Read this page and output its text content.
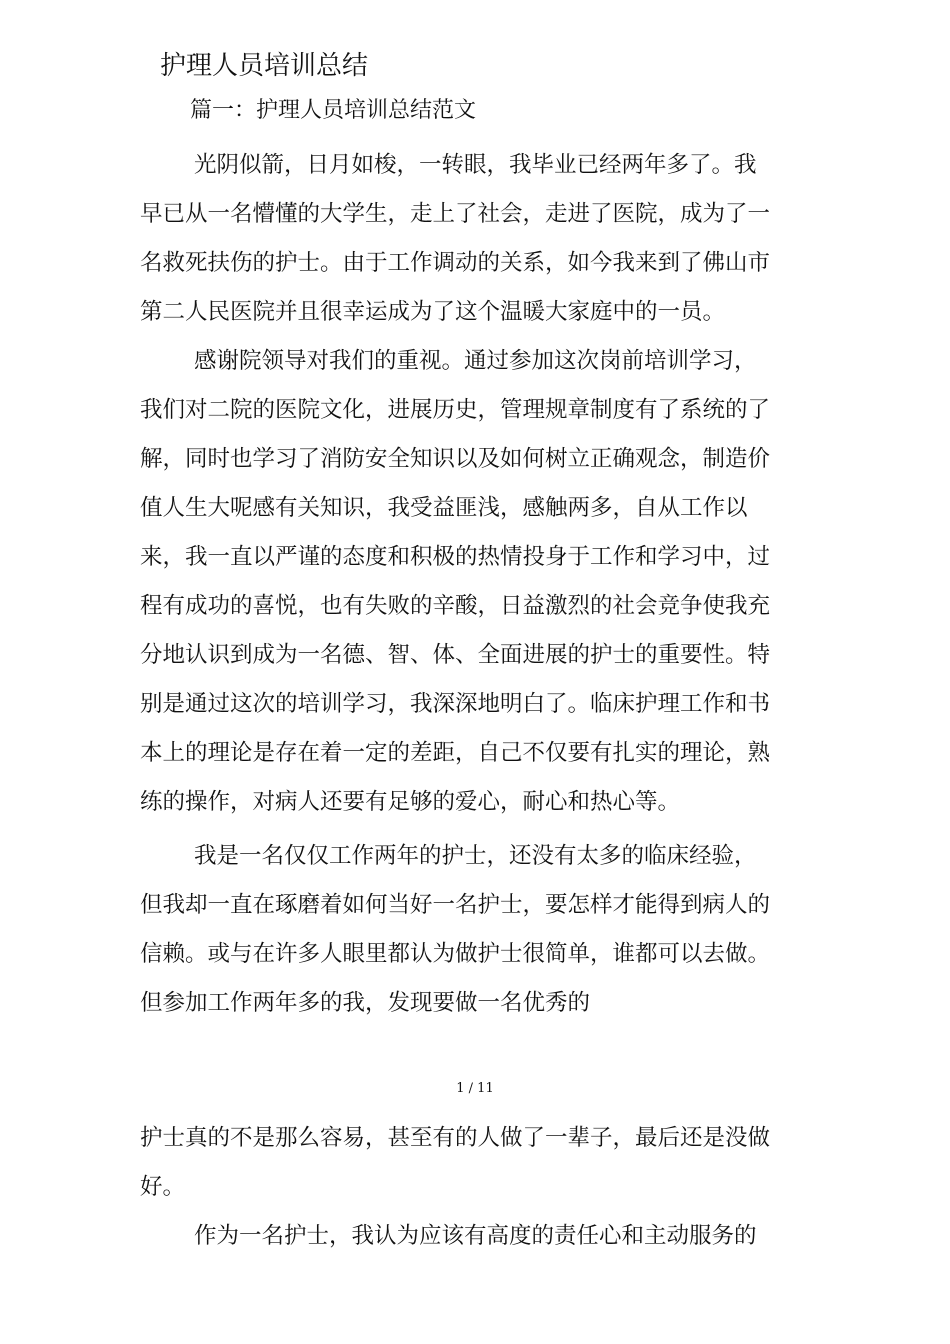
护理人员培训总结
篇一：护理人员培训总结范文
光阴似箭，日月如梭，一转眼，我毕业已经两年多了。我
早已从一名懵懂的大学生，走上了社会，走进了医院，成为了一
名救死扶伤的护士。由于工作调动的关系，如今我来到了佛山市
第二人民医院并且很幸运成为了这个温暖大家庭中的一员。
感谢院领导对我们的重视。通过参加这次岗前培训学习，
我们对二院的医院文化，进展历史，管理规章制度有了系统的了
解，同时也学习了消防安全知识以及如何树立正确观念，制造价
值人生大呢感有关知识，我受益匪浅，感触两多，自从工作以
来，我一直以严谨的态度和积极的热情投身于工作和学习中，过
程有成功的喜悦，也有失败的辛酸，日益激烈的社会竞争使我充
分地认识到成为一名德、智、体、全面进展的护士的重要性。特
别是通过这次的培训学习，我深深地明白了。临床护理工作和书
本上的理论是存在着一定的差距，自己不仅要有扎实的理论，熟
练的操作，对病人还要有足够的爱心，耐心和热心等。
我是一名仅仅工作两年的护士，还没有太多的临床经验，
但我却一直在琢磨着如何当好一名护士，要怎样才能得到病人的
信赖。或与在许多人眼里都认为做护士很简单，谁都可以去做。
但参加工作两年多的我，发现要做一名优秀的
1 / 11
护士真的不是那么容易，甚至有的人做了一辈子，最后还是没做
好。
作为一名护士，我认为应该有高度的责任心和主动服务的
